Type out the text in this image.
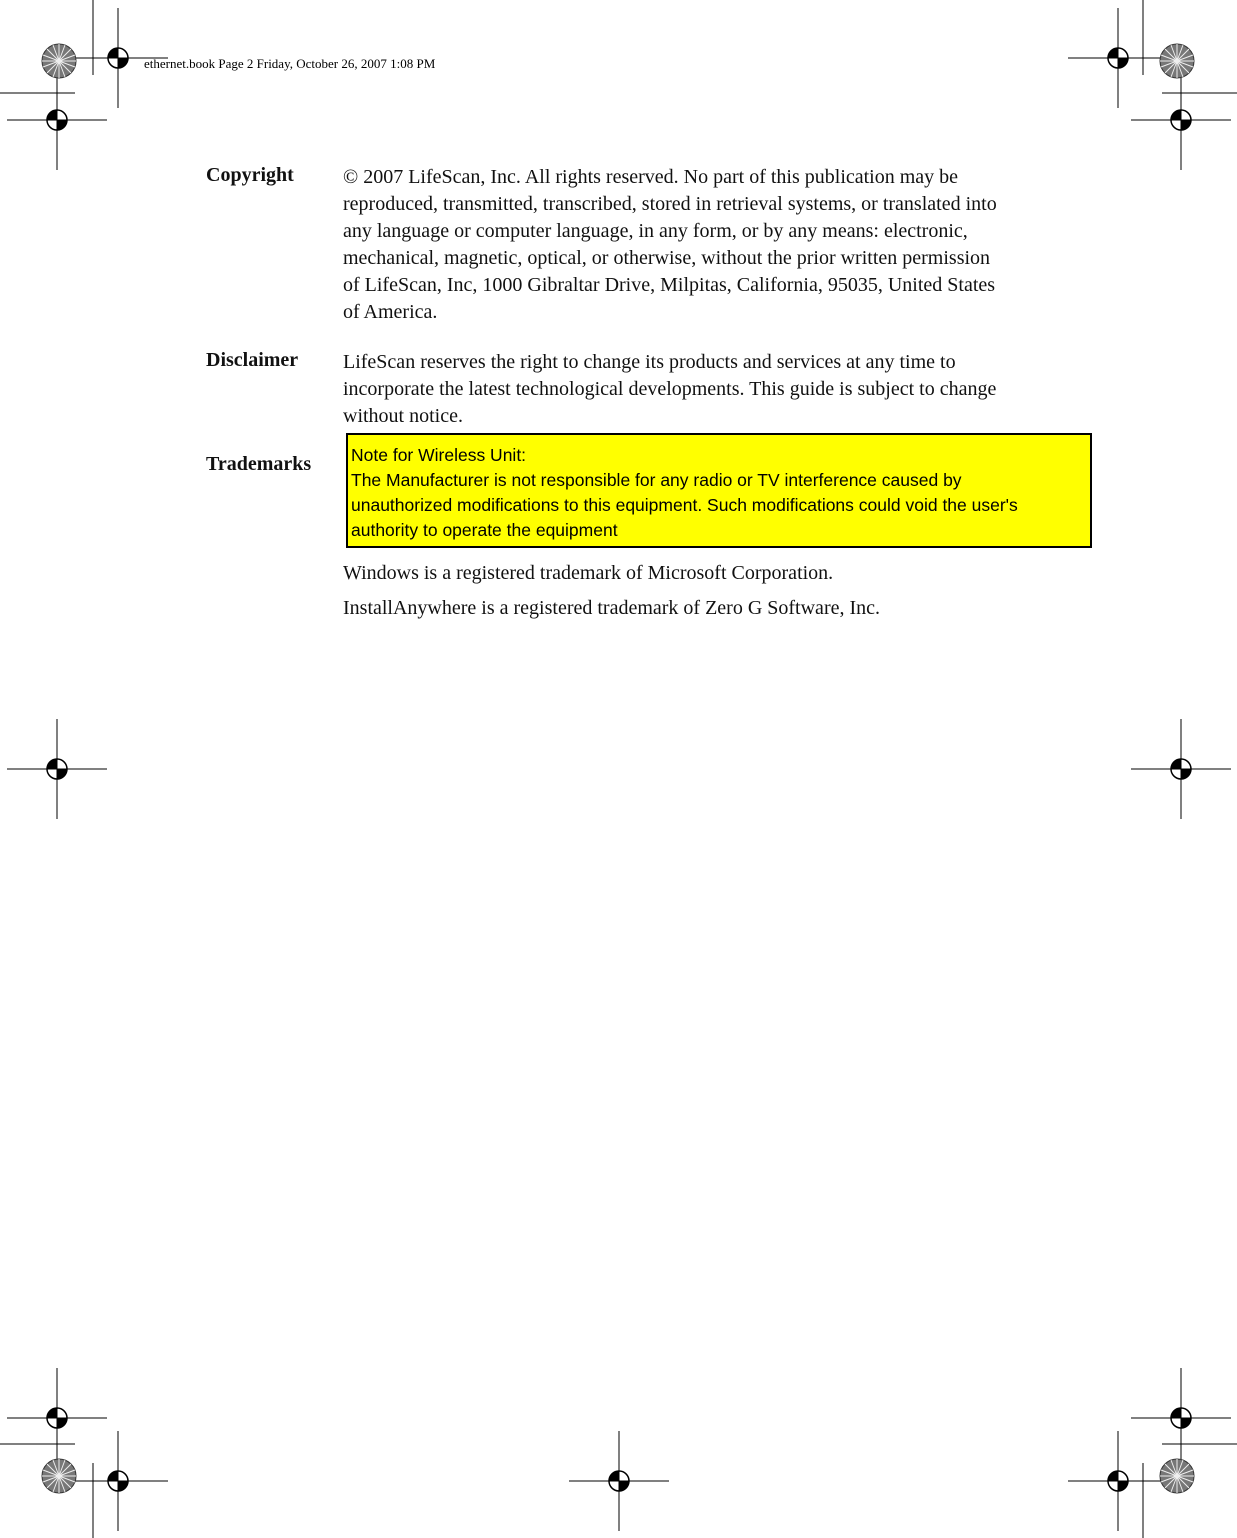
ethernet.book Page 2 Friday, October 26, 2007 1:08 PM
Copyright © 2007 LifeScan, Inc. All rights reserved. No part of this publication may be
reproduced, transmitted, transcribed, stored in retrieval systems, or translated into
any language or computer language, in any form, or by any means: electronic,
mechanical, magnetic, optical, or otherwise, without the prior written permission
of LifeScan, Inc, 1000 Gibraltar Drive, Milpitas, California, 95035, United States
of America.
Disclaimer LifeScan reserves the right to change its products and services at any time to
incorporate the latest technological developments. This guide is subject to change
without notice.
Trademarks
Windows is a registered trademark of Microsoft Corporation.
InstallAnywhere is a registered trademark of Zero G Software, Inc.
Note for Wireless Unit:
The Manufacturer is not responsible for any radio or TV interference caused by
unauthorized modifications to this equipment. Such modifications could void the user's
authority to operate the equipment
